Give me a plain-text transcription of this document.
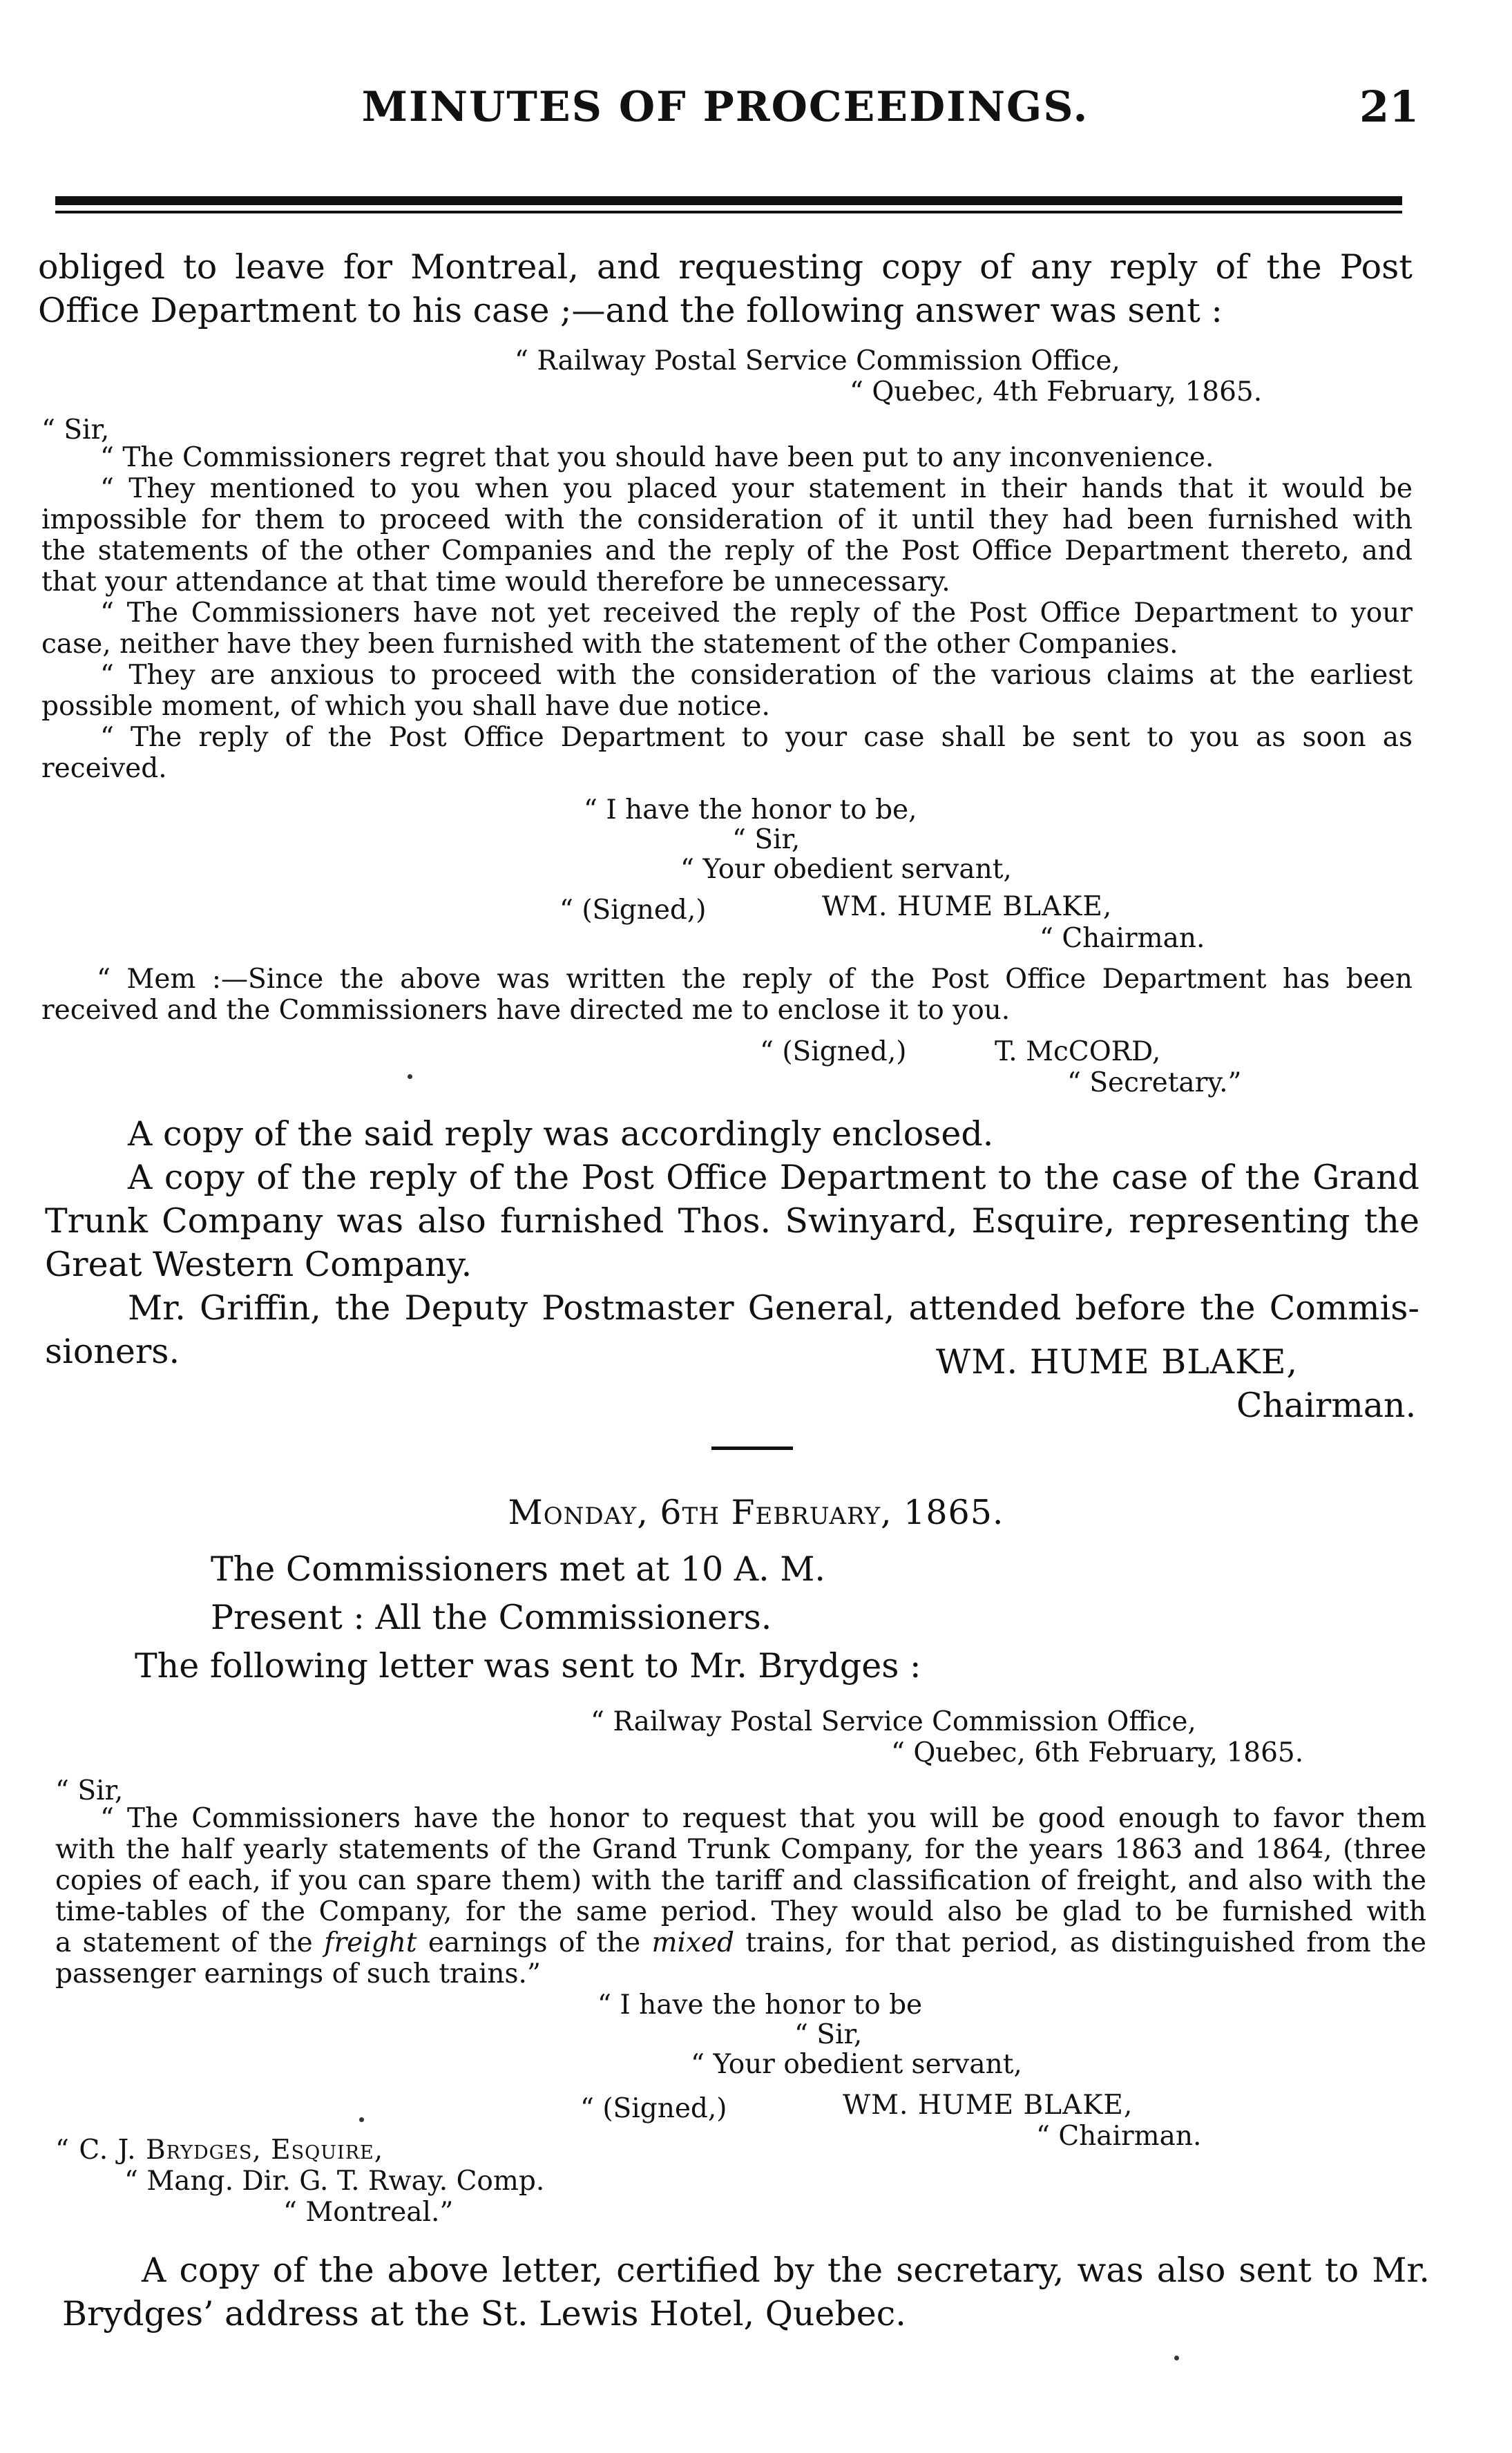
MINUTES OF PROCEEDINGS.	21
obliged to leave for Montreal, and requesting copy of any reply of the Post
Office Department to his case ;—and the following answer was sent :
“ Railway Postal Service Commission Office,
“ Quebec, 4th February, 1865.
“ Sir,
“ The Commissioners regret that you should have been put to any inconvenience.
“ They mentioned to you when you placed your statement in their hands that it would be
impossible for them to proceed with the consideration of it until they had been furnished with
the statements of the other Companies and the reply of the Post Office Department thereto, and
that your attendance at that time would therefore be unnecessary.
“ The Commissioners have not yet received the reply of the Post Office Department to your
case, neither have they been furnished with the statement of the other Companies.
“ They are anxious to proceed with the consideration of the various claims at the earliest
possible moment, of which you shall have due notice.
“ The reply of the Post Office Department to your case shall be sent to you as soon as
received.
“ I have the honor to be,
“ Sir,
“ Your obedient servant,
“ (Signed,)	WM. HUME BLAKE,
“ Chairman.
“ Mem :—Since the above was written the reply of the Post Office Department has been
received and the Commissioners have directed me to enclose it to you.
“ (Signed,)	T. McCORD,
“ Secretary.”
A copy of the said reply was accordingly enclosed.
A copy of the reply of the Post Office Department to the case of the Grand
Trunk Company was also furnished Thos. Swinyard, Esquire, representing the
Great Western Company.
Mr. Griffin, the Deputy Postmaster General, attended before the Commis-
sioners.	WM. HUME BLAKE,
Chairman.
Monday, 6th February, 1865.
The Commissioners met at 10 A. M.
Present : All the Commissioners.
The following letter was sent to Mr. Brydges :
“ Railway Postal Service Commission Office,
“ Quebec, 6th February, 1865.
“ Sir,
“ The Commissioners have the honor to request that you will be good enough to favor them
with the half yearly statements of the Grand Trunk Company, for the years 1863 and 1864, (three
copies of each, if you can spare them) with the tariff and classification of freight, and also with the
time-tables of the Company, for the same period. They would also be glad to be furnished with
a statement of the freight earnings of the mixed trains, for that period, as distinguished from the
passenger earnings of such trains.”
“ I have the honor to be
“ Sir,
“ Your obedient servant,
“ (Signed,)	WM. HUME BLAKE,
“ Chairman.
“ C. J. Brydges, Esquire,
“ Mang. Dir. G. T. Rway. Comp.
“ Montreal.”
A copy of the above letter, certified by the secretary, was also sent to Mr.
Brydges’ address at the St. Lewis Hotel, Quebec.
